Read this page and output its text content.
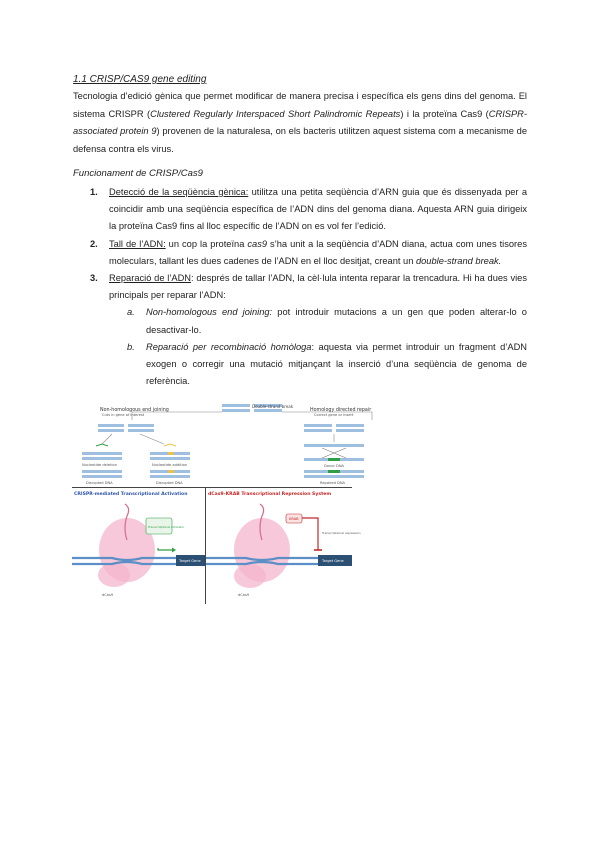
1.1 CRISP/CAS9 gene editing
Tecnologia d’edició gènica que permet modificar de manera precisa i específica els gens dins del genoma. El sistema CRISPR (Clustered Regularly Interspaced Short Palindromic Repeats) i la proteïna Cas9 (CRISPR-associated protein 9) provenen de la naturalesa, on els bacteris utilitzen aquest sistema com a mecanisme de defensa contra els virus.
Funcionament de CRISP/Cas9
1. Detecció de la seqüència gènica: utilitza una petita seqüència d’ARN guia que és dissenyada per a coincidir amb una seqüència específica de l’ADN dins del genoma diana. Aquesta ARN guia dirigeix la proteïna Cas9 fins al lloc específic de l’ADN on es vol fer l’edició.
2. Tall de l’ADN: un cop la proteïna cas9 s’ha unit a la seqüència d’ADN diana, actua com unes tisores moleculars, tallant les dues cadenes de l’ADN en el lloc desitjat, creant un double-strand break.
3. Reparació de l’ADN: després de tallar l’ADN, la cèl·lula intenta reparar la trencadura. Hi ha dues vies principals per reparar l’ADN:
a. Non-homologous end joining: pot introduir mutacions a un gen que poden alterar-lo o desactivar-lo.
b. Reparació per recombinació homòloga: aquesta via permet introduir un fragment d’ADN exogen o corregir una mutació mitjançant la inserció d’una seqüència de genoma de referència.
Double-strand break
Non-homologous end joining
Cuts in gene of interest
Homology directed repair
Correct gene or insert
Nucleotide deletion	Nucleotide addition
Disrupted DNA	Disrupted DNA
Donor DNA
Repaired DNA
CRISPR-mediated Transcriptional Activation
Target Gene
Transcriptional activator
dCas9
dCas9-KRAB Transcriptional Repression System
Target Gene
KRAB
Transcriptional repression
dCas9
